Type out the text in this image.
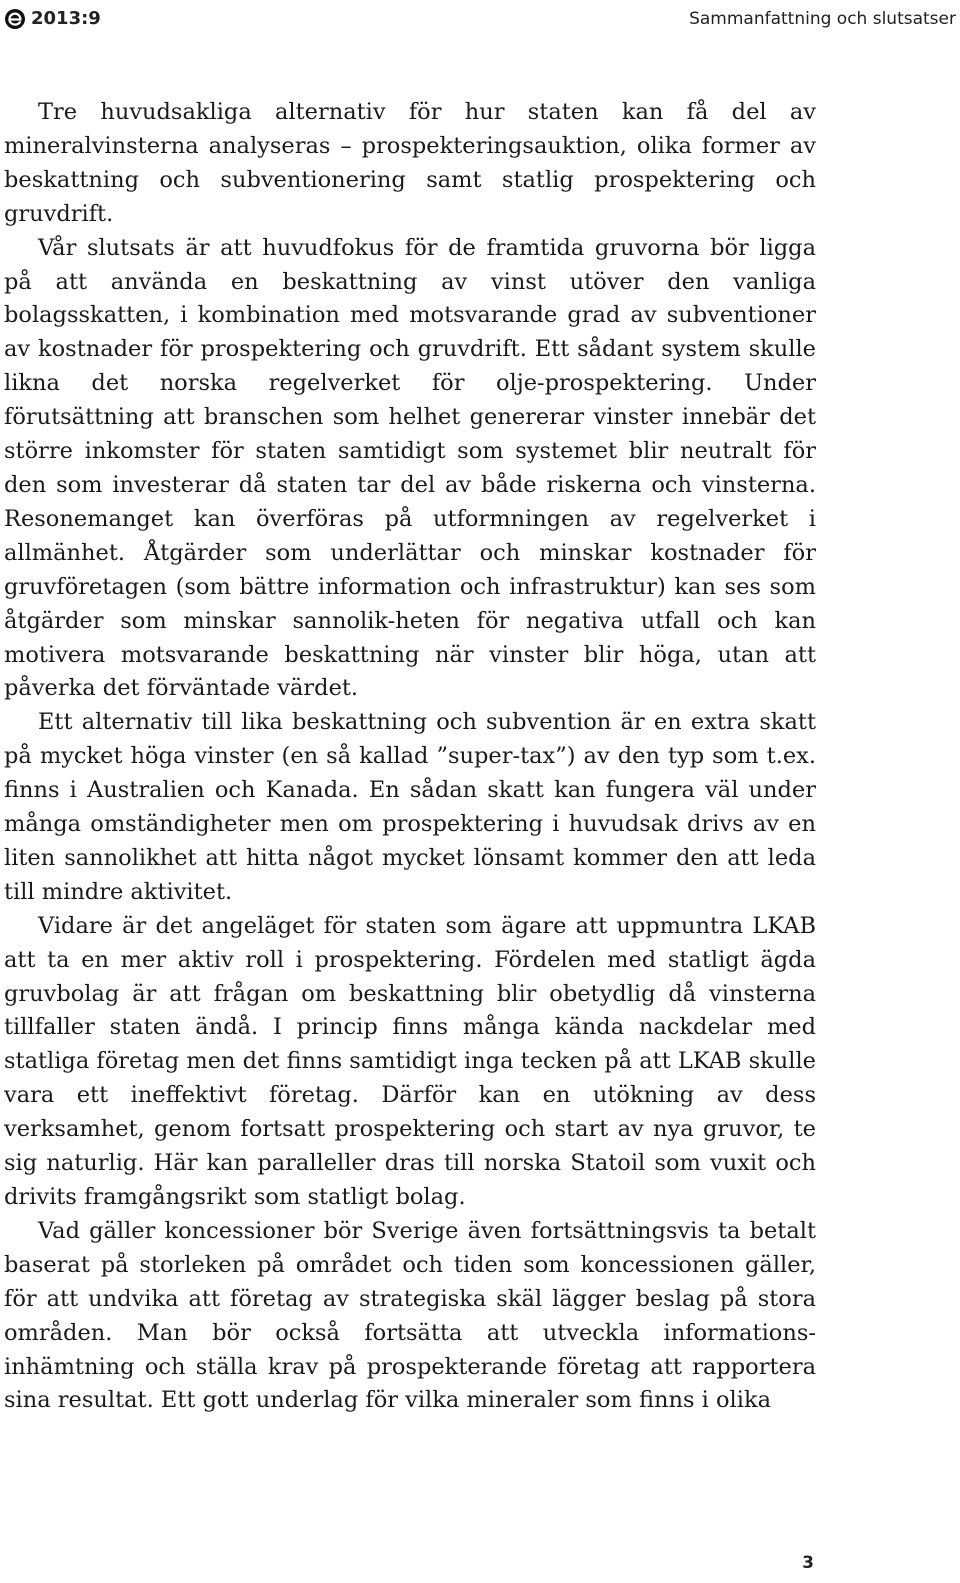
2013:9	Sammanfattning och slutsatser

Tre huvudsakliga alternativ för hur staten kan få del av mineralvinsterna analyseras – prospekteringsauktion, olika former av beskattning och subventionering samt statlig prospektering och gruvdrift.

Vår slutsats är att huvudfokus för de framtida gruvorna bör ligga på att använda en beskattning av vinst utöver den vanliga bolagsskatten, i kombination med motsvarande grad av subventioner av kostnader för prospektering och gruvdrift. Ett sådant system skulle likna det norska regelverket för olje-prospektering. Under förutsättning att branschen som helhet genererar vinster innebär det större inkomster för staten samtidigt som systemet blir neutralt för den som investerar då staten tar del av både riskerna och vinsterna. Resonemanget kan överföras på utformningen av regelverket i allmänhet. Åtgärder som underlättar och minskar kostnader för gruvföretagen (som bättre information och infrastruktur) kan ses som åtgärder som minskar sannolik-heten för negativa utfall och kan motivera motsvarande beskattning när vinster blir höga, utan att påverka det förväntade värdet.

Ett alternativ till lika beskattning och subvention är en extra skatt på mycket höga vinster (en så kallad ”super-tax”) av den typ som t.ex. finns i Australien och Kanada. En sådan skatt kan fungera väl under många omständigheter men om prospektering i huvudsak drivs av en liten sannolikhet att hitta något mycket lönsamt kommer den att leda till mindre aktivitet.

Vidare är det angeläget för staten som ägare att uppmuntra LKAB att ta en mer aktiv roll i prospektering. Fördelen med statligt ägda gruvbolag är att frågan om beskattning blir obetydlig då vinsterna tillfaller staten ändå. I princip finns många kända nackdelar med statliga företag men det finns samtidigt inga tecken på att LKAB skulle vara ett ineffektivt företag. Därför kan en utökning av dess verksamhet, genom fortsatt prospektering och start av nya gruvor, te sig naturlig. Här kan paralleller dras till norska Statoil som vuxit och drivits framgångsrikt som statligt bolag.

Vad gäller koncessioner bör Sverige även fortsättningsvis ta betalt baserat på storleken på området och tiden som koncessionen gäller, för att undvika att företag av strategiska skäl lägger beslag på stora områden. Man bör också fortsätta att utveckla informations-inhämtning och ställa krav på prospekterande företag att rapportera sina resultat. Ett gott underlag för vilka mineraler som finns i olika

3
